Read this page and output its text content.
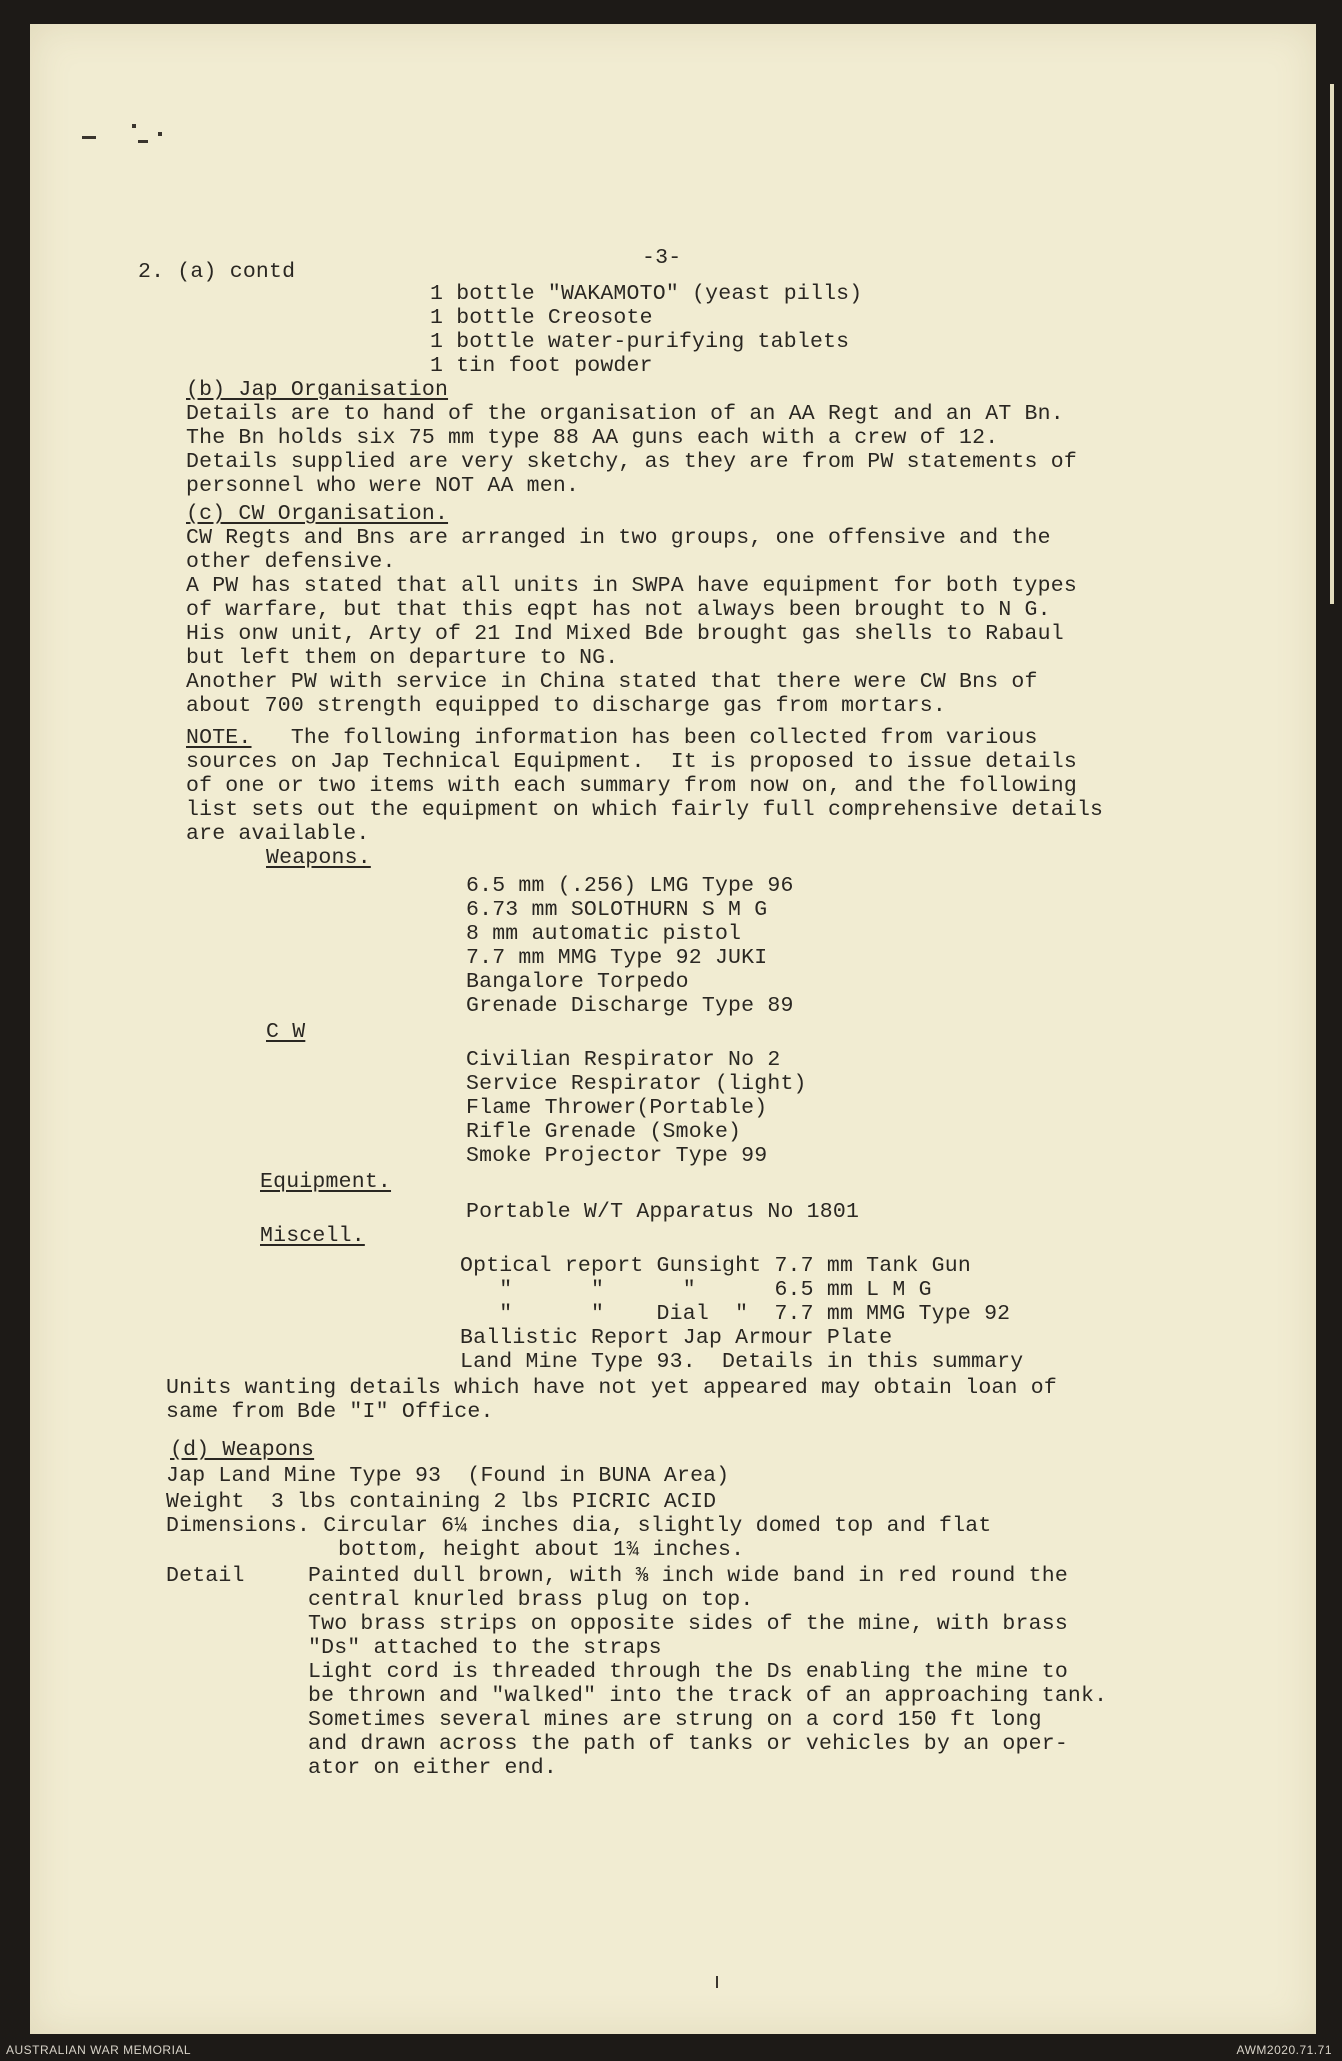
-3-
2. (a) contd
1 bottle "WAKAMOTO" (yeast pills)
1 bottle Creosote
1 bottle water-purifying tablets
1 tin foot powder
(b) Jap Organisation
Details are to hand of the organisation of an AA Regt and an AT Bn.
The Bn holds six 75 mm type 88 AA guns each with a crew of 12.
Details supplied are very sketchy, as they are from PW statements of
personnel who were NOT AA men.
(c) CW Organisation.
CW Regts and Bns are arranged in two groups, one offensive and the
other defensive.
A PW has stated that all units in SWPA have equipment for both types
of warfare, but that this eqpt has not always been brought to N G.
His onw unit, Arty of 21 Ind Mixed Bde brought gas shells to Rabaul
but left them on departure to NG.
Another PW with service in China stated that there were CW Bns of
about 700 strength equipped to discharge gas from mortars.
NOTE.   The following information has been collected from various
sources on Jap Technical Equipment.  It is proposed to issue details
of one or two items with each summary from now on, and the following
list sets out the equipment on which fairly full comprehensive details
are available.
Weapons.
6.5 mm (.256) LMG Type 96
6.73 mm SOLOTHURN S M G
8 mm automatic pistol
7.7 mm MMG Type 92 JUKI
Bangalore Torpedo
Grenade Discharge Type 89
C W
Civilian Respirator No 2
Service Respirator (light)
Flame Thrower(Portable)
Rifle Grenade (Smoke)
Smoke Projector Type 99
Equipment.
Portable W/T Apparatus No 1801
Miscell.
Optical report Gunsight 7.7 mm Tank Gun
"      "      "      6.5 mm L M G
"      "    Dial  "  7.7 mm MMG Type 92
Ballistic Report Jap Armour Plate
Land Mine Type 93.  Details in this summary
Units wanting details which have not yet appeared may obtain loan of
same from Bde "I" Office.
(d) Weapons
Jap Land Mine Type 93  (Found in BUNA Area)
Weight  3 lbs containing 2 lbs PICRIC ACID
Dimensions. Circular 6¼ inches dia, slightly domed top and flat
bottom, height about 1¾ inches.
Detail	Painted dull brown, with ⅜ inch wide band in red round the
central knurled brass plug on top.
Two brass strips on opposite sides of the mine, with brass
"Ds" attached to the straps
Light cord is threaded through the Ds enabling the mine to
be thrown and "walked" into the track of an approaching tank.
Sometimes several mines are strung on a cord 150 ft long
and drawn across the path of tanks or vehicles by an oper-
ator on either end.
AUSTRALIAN WAR MEMORIAL	AWM2020.71.71
